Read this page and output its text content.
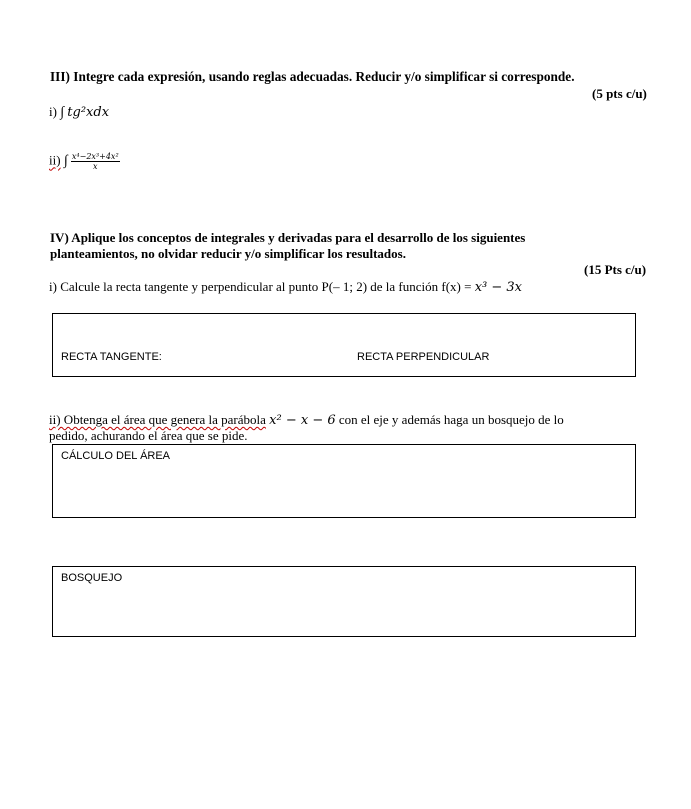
III) Integre cada expresión, usando reglas adecuadas. Reducir y/o simplificar si corresponde.
(5 pts c/u)
i) ∫ tg²xdx
ii) ∫ $\frac{\text{x⁴−2x³+4x²}}{x}$
IV) Aplique los conceptos de integrales y derivadas para el desarrollo de los siguientes
planteamientos, no olvidar reducir y/o simplificar los resultados.
(15 Pts c/u)
i) Calcule la recta tangente y perpendicular al punto P(– 1; 2) de la función f(x) = x³ − 3x
RECTA TANGENTE:	RECTA PERPENDICULAR
ii) Obtenga el área que genera la parábola x² − x − 6 con el eje y además haga un bosquejo de lo
pedido, achurando el área que se pide.
CÁLCULO DEL ÁREA
BOSQUEJO
